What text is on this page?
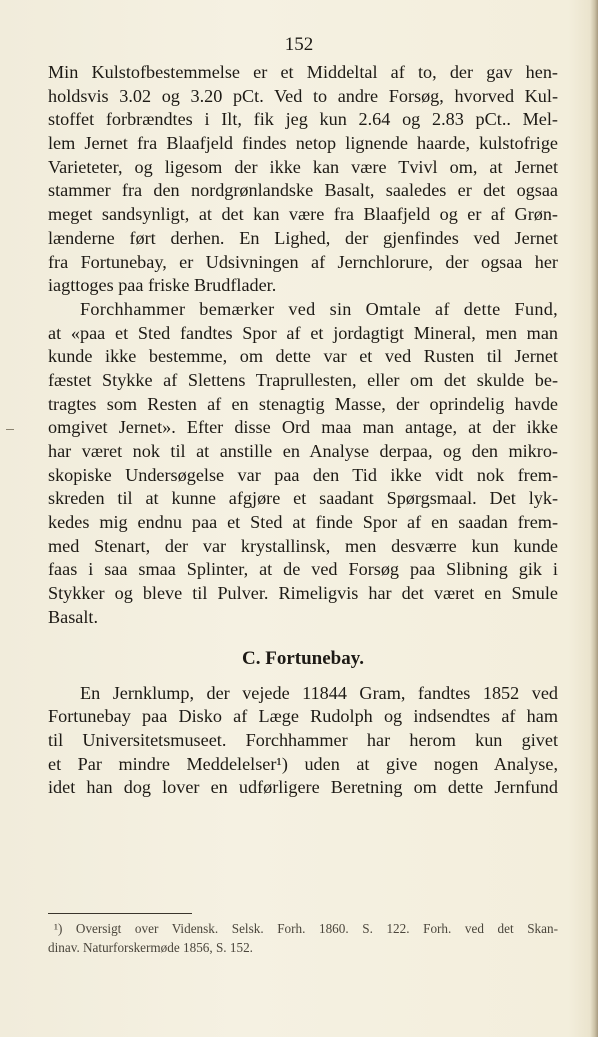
152
Min Kulstofbestemmelse er et Middeltal af to, der gav hen-
holdsvis 3.02 og 3.20 pCt. Ved to andre Forsøg, hvorved Kul-
stoffet forbrændtes i Ilt, fik jeg kun 2.64 og 2.83 pCt.. Mel-
lem Jernet fra Blaafjeld findes netop lignende haarde, kulstofrige
Varieteter, og ligesom der ikke kan være Tvivl om, at Jernet
stammer fra den nordgrønlandske Basalt, saaledes er det ogsaa
meget sandsynligt, at det kan være fra Blaafjeld og er af Grøn-
lænderne ført derhen. En Lighed, der gjenfindes ved Jernet
fra Fortunebay, er Udsivningen af Jernchlorure, der ogsaa her
iagttoges paa friske Brudflader.
Forchhammer bemærker ved sin Omtale af dette Fund,
at «paa et Sted fandtes Spor af et jordagtigt Mineral, men man
kunde ikke bestemme, om dette var et ved Rusten til Jernet
fæstet Stykke af Slettens Traprullesten, eller om det skulde be-
tragtes som Resten af en stenagtig Masse, der oprindelig havde
omgivet Jernet». Efter disse Ord maa man antage, at der ikke
har været nok til at anstille en Analyse derpaa, og den mikro-
skopiske Undersøgelse var paa den Tid ikke vidt nok frem-
skreden til at kunne afgjøre et saadant Spørgsmaal. Det lyk-
kedes mig endnu paa et Sted at finde Spor af en saadan frem-
med Stenart, der var krystallinsk, men desværre kun kunde
faas i saa smaa Splinter, at de ved Forsøg paa Slibning gik i
Stykker og bleve til Pulver. Rimeligvis har det været en Smule
Basalt.
C. Fortunebay.
En Jernklump, der vejede 11844 Gram, fandtes 1852 ved
Fortunebay paa Disko af Læge Rudolph og indsendtes af ham
til Universitetsmuseet. Forchhammer har herom kun givet
et Par mindre Meddelelser¹) uden at give nogen Analyse,
idet han dog lover en udførligere Beretning om dette Jernfund
¹) Oversigt over Vidensk. Selsk. Forh. 1860. S. 122. Forh. ved det Skan-
dinav. Naturforskermøde 1856, S. 152.
